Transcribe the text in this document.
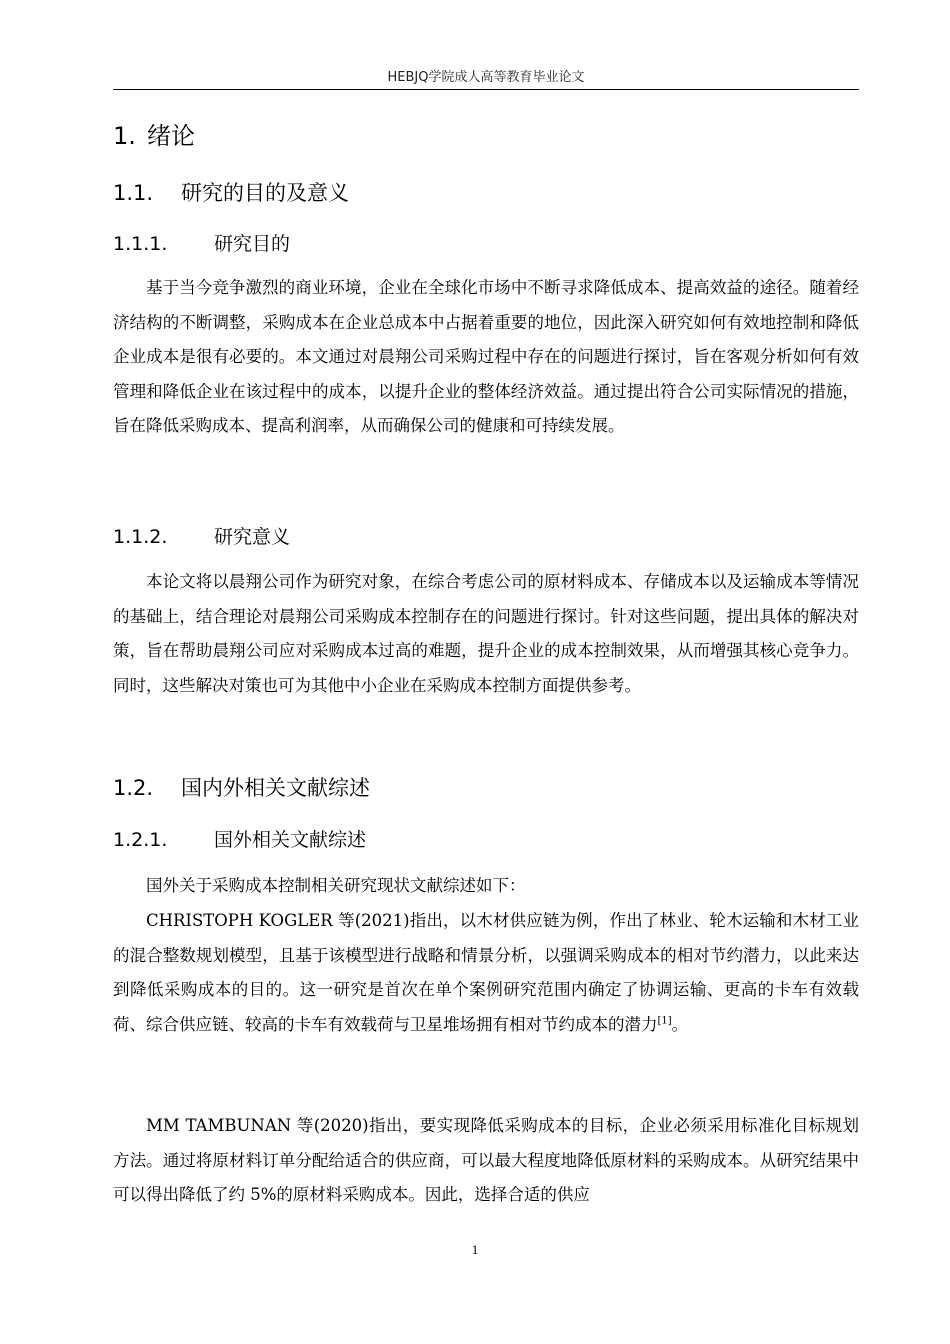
HEBJQ学院成人高等教育毕业论文
1. 绪论
1.1. 研究的目的及意义
1.1.1. 研究目的

基于当今竞争激烈的商业环境，企业在全球化市场中不断寻求降低成本、提高效益的途径。随着经济结构的不断调整，采购成本在企业总成本中占据着重要的地位，因此深入研究如何有效地控制和降低企业成本是很有必要的。本文通过对晨翔公司采购过程中存在的问题进行探讨，旨在客观分析如何有效管理和降低企业在该过程中的成本，以提升企业的整体经济效益。通过提出符合公司实际情况的措施，旨在降低采购成本、提高利润率，从而确保公司的健康和可持续发展。

1.1.2. 研究意义

本论文将以晨翔公司作为研究对象，在综合考虑公司的原材料成本、存储成本以及运输成本等情况的基础上，结合理论对晨翔公司采购成本控制存在的问题进行探讨。针对这些问题，提出具体的解决对策，旨在帮助晨翔公司应对采购成本过高的难题，提升企业的成本控制效果，从而增强其核心竞争力。同时，这些解决对策也可为其他中小企业在采购成本控制方面提供参考。

1.2. 国内外相关文献综述
1.2.1. 国外相关文献综述

国外关于采购成本控制相关研究现状文献综述如下：

CHRISTOPH KOGLER 等(2021)指出，以木材供应链为例，作出了林业、轮木运输和木材工业的混合整数规划模型，且基于该模型进行战略和情景分析，以强调采购成本的相对节约潜力，以此来达到降低采购成本的目的。这一研究是首次在单个案例研究范围内确定了协调运输、更高的卡车有效载荷、综合供应链、较高的卡车有效载荷与卫星堆场拥有相对节约成本的潜力[1]。

MM TAMBUNAN 等(2020)指出，要实现降低采购成本的目标，企业必须采用标准化目标规划方法。通过将原材料订单分配给适合的供应商，可以最大程度地降低原材料的采购成本。从研究结果中可以得出降低了约 5%的原材料采购成本。因此，选择合适的供应

1
